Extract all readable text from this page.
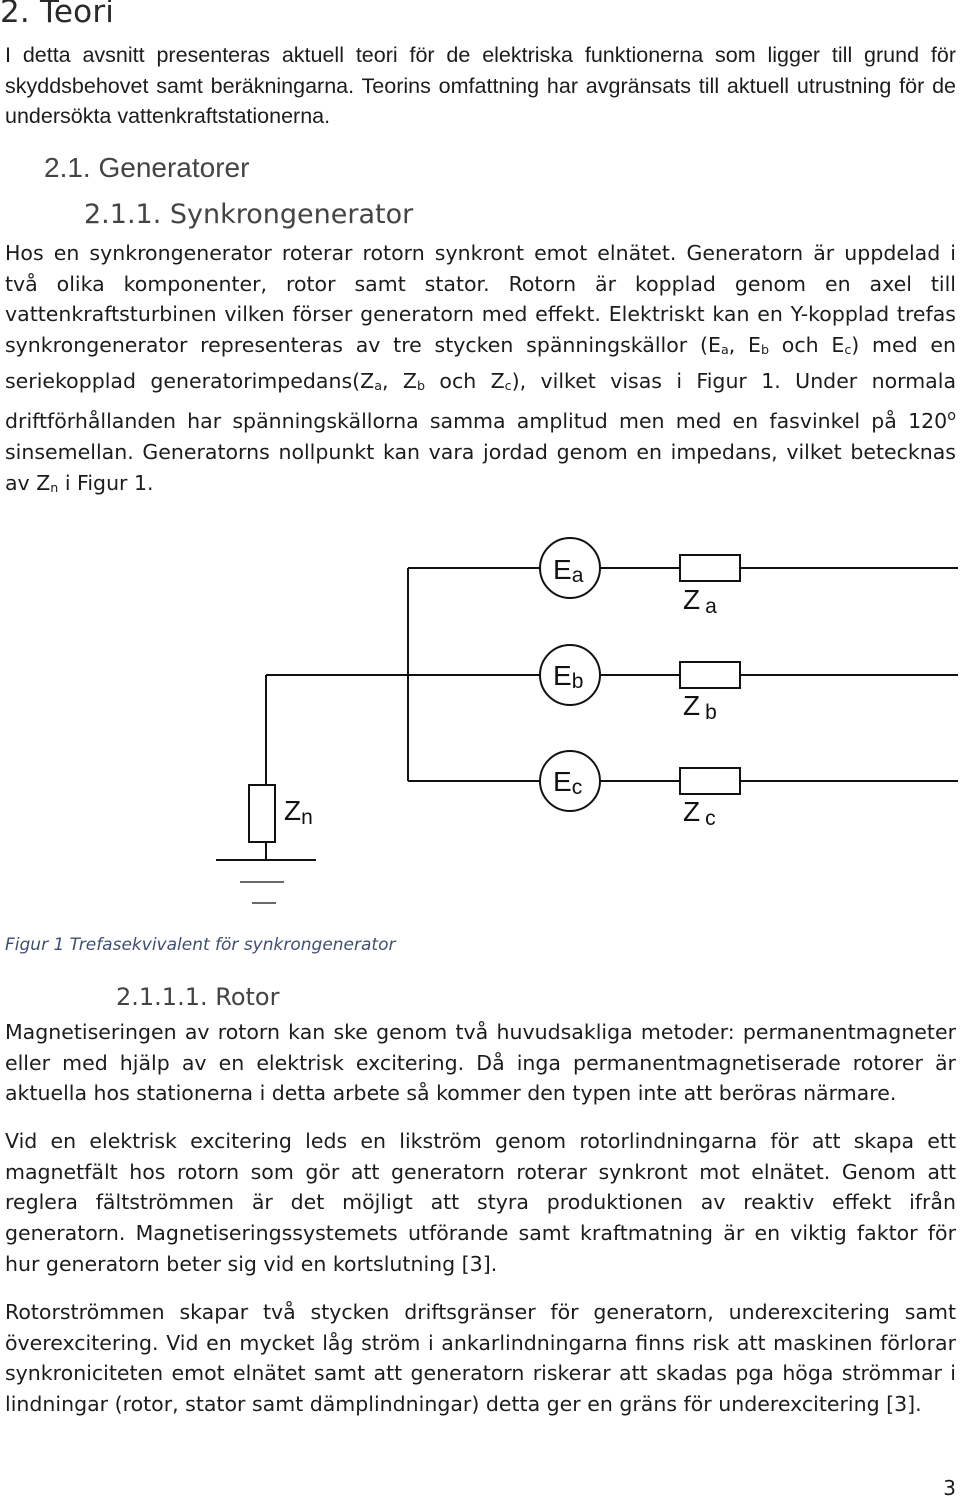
2. Teori

I detta avsnitt presenteras aktuell teori för de elektriska funktionerna som ligger till grund för skyddsbehovet samt beräkningarna. Teorins omfattning har avgränsats till aktuell utrustning för de undersökta vattenkraftstationerna.

2.1. Generatorer
2.1.1. Synkrongenerator

Hos en synkrongenerator roterar rotorn synkront emot elnätet. Generatorn är uppdelad i två olika komponenter, rotor samt stator. Rotorn är kopplad genom en axel till vattenkraftsturbinen vilken förser generatorn med effekt. Elektriskt kan en Y-kopplad trefas synkrongenerator representeras av tre stycken spänningskällor ($E_a$, $E_b$ och $E_c$) med en seriekopplad $generatorimpedans(Z_a$, $Z_b$ och $Z_c$), vilket visas i Figur 1. Under normala driftförhållanden har spänningskällorna samma amplitud men med en fasvinkel på 120$^o$ sinsemellan. Generatorns nollpunkt kan vara jordad genom en impedans, vilket betecknas av $Z_n$ i Figur 1.

Ea
Eb
Ec
Z a
Z b
Z c
Zn

Figur 1 Trefasekvivalent för synkrongenerator

2.1.1.1. Rotor

Magnetiseringen av rotorn kan ske genom två huvudsakliga metoder: permanentmagneter eller med hjälp av en elektrisk excitering. Då inga permanentmagnetiserade rotorer är aktuella hos stationerna i detta arbete så kommer den typen inte att beröras närmare.

Vid en elektrisk excitering leds en likström genom rotorlindningarna för att skapa ett magnetfält hos rotorn som gör att generatorn roterar synkront mot elnätet. Genom att reglera fältströmmen är det möjligt att styra produktionen av reaktiv effekt ifrån generatorn. Magnetiseringssystemets utförande samt kraftmatning är en viktig faktor för hur generatorn beter sig vid en kortslutning [3].

Rotorströmmen skapar två stycken driftsgränser för generatorn, underexcitering samt överexcitering. Vid en mycket låg ström i ankarlindningarna finns risk att maskinen förlorar synkroniciteten emot elnätet samt att generatorn riskerar att skadas pga höga strömmar i lindningar (rotor, stator samt dämplindningar) detta ger en gräns för underexcitering [3].

3
